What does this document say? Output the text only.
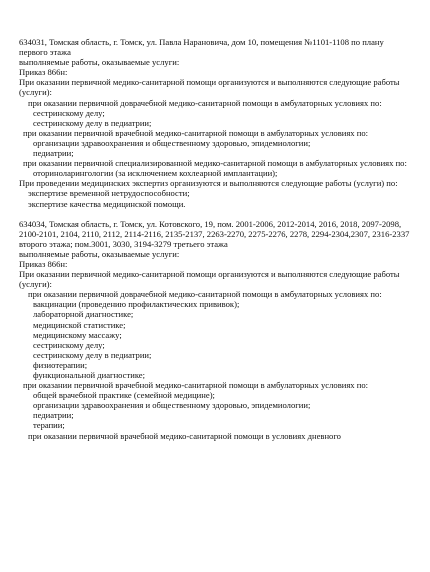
634031, Томская область, г. Томск, ул. Павла Нарановича, дом 10, помещения №1101-1108 по плану первого этажа
выполняемые работы, оказываемые услуги:
Приказ 866н:
При оказании первичной медико-санитарной помощи организуются и выполняются следующие работы (услуги):
при оказании первичной доврачебной медико-санитарной помощи в амбулаторных условиях по:
сестринскому делу;
сестринскому делу в педиатрии;
при оказании первичной врачебной медико-санитарной помощи в амбулаторных условиях по:
организации здравоохранения и общественному здоровью, эпидемиологии;
педиатрии;
при оказании первичной специализированной медико-санитарной помощи в амбулаторных условиях по:
оториноларингологии (за исключением кохлеарной имплантации);
При проведении медицинских экспертиз организуются и выполняются следующие работы (услуги) по:
экспертизе временной нетрудоспособности;
экспертизе качества медицинской помощи.
634034, Томская область, г. Томск, ул. Котовского, 19, пом. 2001-2006, 2012-2014, 2016, 2018, 2097-2098, 2100-2101, 2104, 2110, 2112, 2114-2116, 2135-2137, 2263-2270, 2275-2276, 2278, 2294-2304,2307, 2316-2337 второго этажа; пом.3001, 3030, 3194-3279 третьего этажа
выполняемые работы, оказываемые услуги:
Приказ 866н:
При оказании первичной медико-санитарной помощи организуются и выполняются следующие работы (услуги):
при оказании первичной доврачебной медико-санитарной помощи в амбулаторных условиях по:
вакцинации (проведению профилактических прививок);
лабораторной диагностике;
медицинской статистике;
медицинскому массажу;
сестринскому делу;
сестринскому делу в педиатрии;
физиотерапии;
функциональной диагностике;
при оказании первичной врачебной медико-санитарной помощи в амбулаторных условиях по:
общей врачебной практике (семейной медицине);
организации здравоохранения и общественному здоровью, эпидемиологии;
педиатрии;
терапии;
при оказании первичной врачебной медико-санитарной помощи в условиях дневного
